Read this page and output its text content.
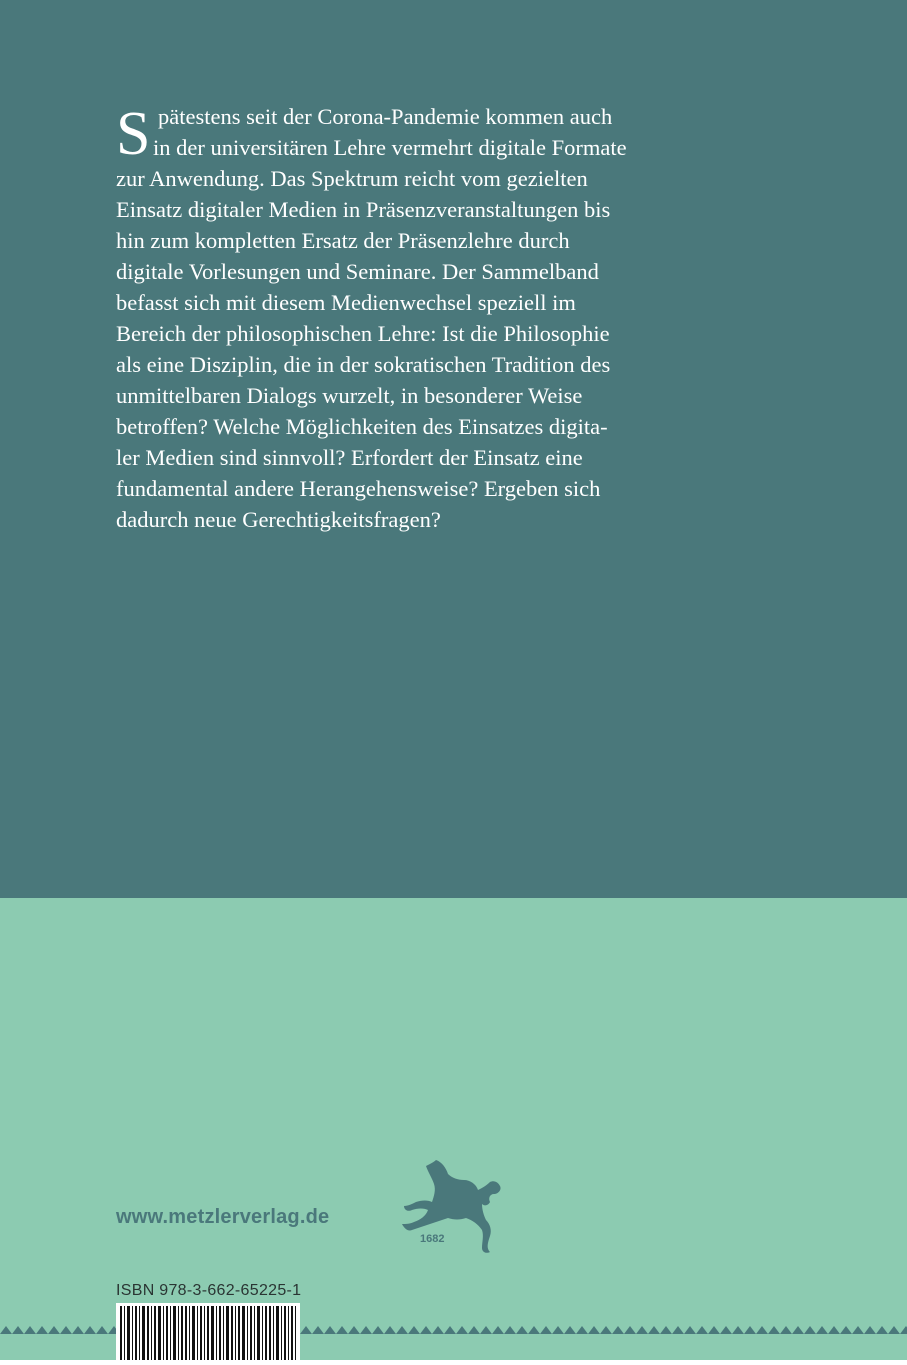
S pätestens seit der Corona-Pandemie kommen auch
in der universitären Lehre vermehrt digitale Formate
zur Anwendung. Das Spektrum reicht vom gezielten
Einsatz digitaler Medien in Präsenzveranstaltungen bis
hin zum kompletten Ersatz der Präsenzlehre durch
digitale Vorlesungen und Seminare. Der Sammelband
befasst sich mit diesem Medienwechsel speziell im
Bereich der philosophischen Lehre: Ist die Philosophie
als eine Disziplin, die in der sokratischen Tradition des
unmittelbaren Dialogs wurzelt, in besonderer Weise
betroffen? Welche Möglichkeiten des Einsatzes digita-
ler Medien sind sinnvoll? Erfordert der Einsatz eine
fundamental andere Herangehensweise? Ergeben sich
dadurch neue Gerechtigkeitsfragen?
www.metzlerverlag.de
1682
ISBN 978-3-662-65225-1
